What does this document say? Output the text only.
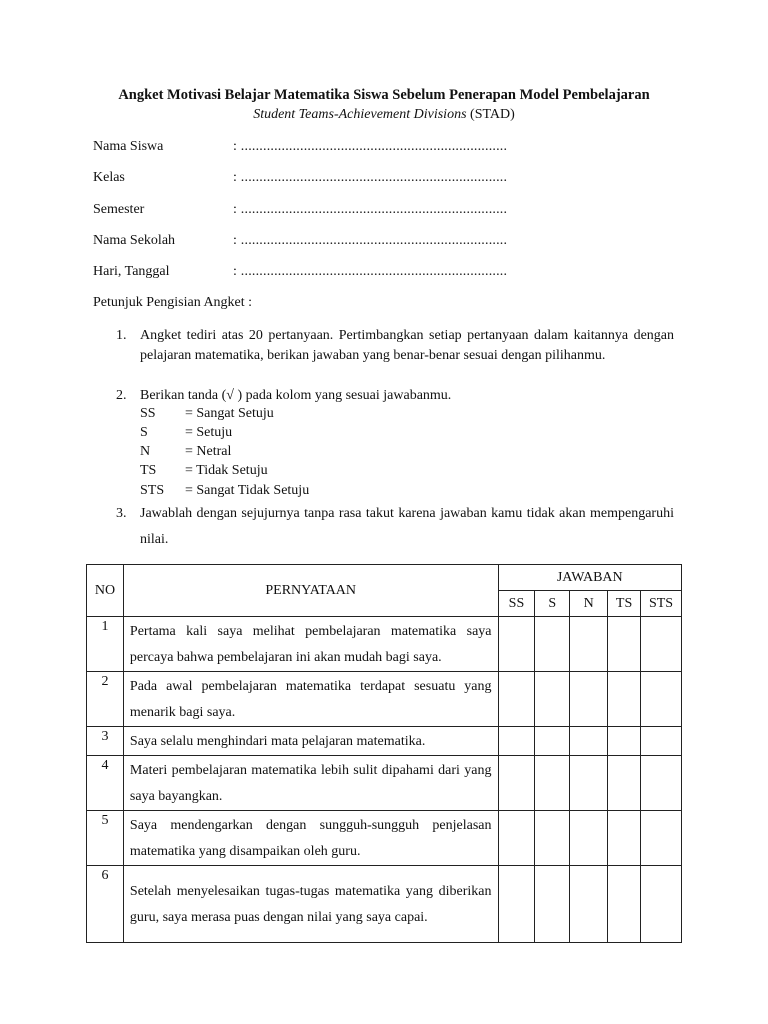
Angket Motivasi Belajar Matematika Siswa Sebelum Penerapan Model Pembelajaran
Student Teams-Achievement Divisions (STAD)
Nama Siswa	: ........................................................................
Kelas	: ........................................................................
Semester	: ........................................................................
Nama Sekolah	: ........................................................................
Hari, Tanggal	: ........................................................................
Petunjuk Pengisian Angket :
1. Angket tediri atas 20 pertanyaan. Pertimbangkan setiap pertanyaan dalam kaitannya dengan pelajaran matematika, berikan jawaban yang benar-benar sesuai dengan pilihanmu.
2. Berikan tanda (√ ) pada kolom yang sesuai jawabanmu.
SS = Sangat Setuju
S	= Setuju
N = Netral
TS = Tidak Setuju
STS = Sangat Tidak Setuju
3. Jawablah dengan sejujurnya tanpa rasa takut karena jawaban kamu tidak akan mempengaruhi nilai.
NO	PERNYATAAN	JAWABAN				
		SS	S	N	TS	STS

1	Pertama kali saya melihat pembelajaran matematika saya percaya bahwa pembelajaran ini akan mudah bagi saya.					

2	Pada awal pembelajaran matematika terdapat sesuatu yang menarik bagi saya.					

3	Saya selalu menghindari mata pelajaran matematika.					

4	Materi pembelajaran matematika lebih sulit dipahami dari yang saya bayangkan.					

5	Saya mendengarkan dengan sungguh-sungguh penjelasan matematika yang disampaikan oleh guru.					

6	Setelah menyelesaikan tugas-tugas matematika yang diberikan guru, saya merasa puas dengan nilai yang saya capai.					
